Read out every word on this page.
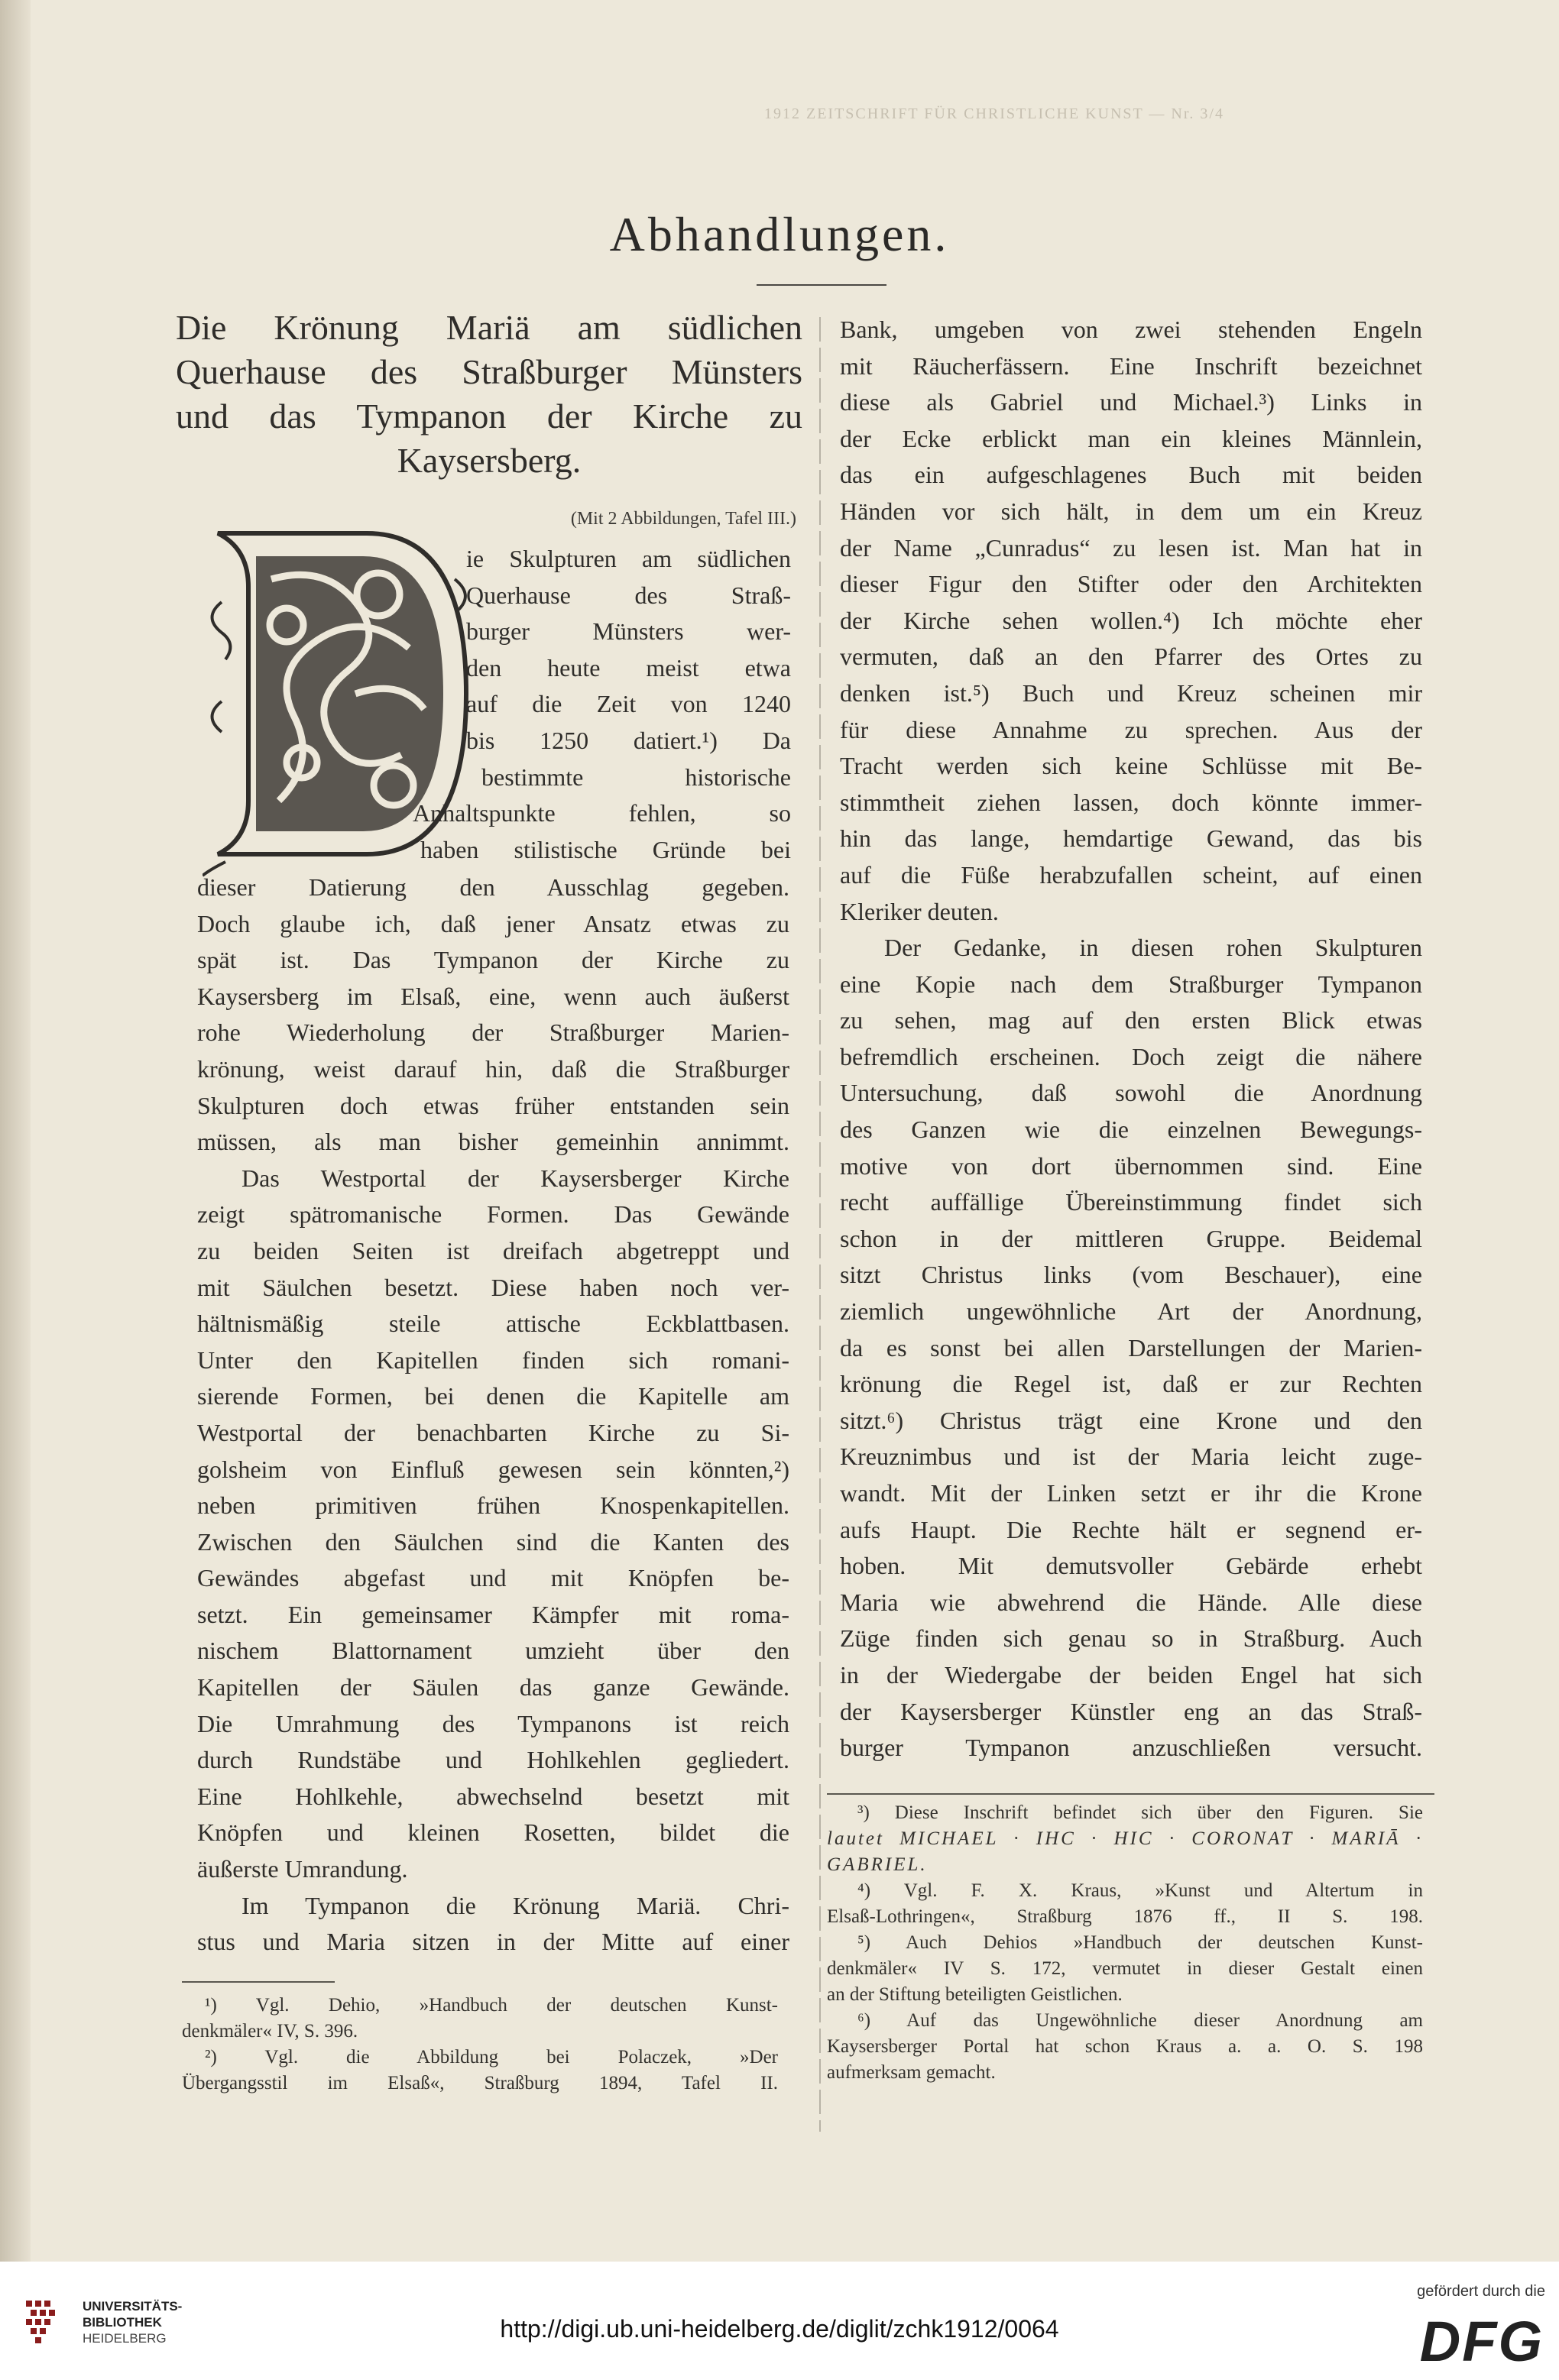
1912 ZEITSCHRIFT FÜR CHRISTLICHE KUNST — Nr. 3/4
Abhandlungen.
Die Krönung Mariä am südlichen
Querhause des Straßburger Münsters
und das Tympanon der Kirche zu
Kaysersberg.
(Mit 2 Abbildungen, Tafel III.)
ie Skulpturen am südlichen
Querhause des Straß-
burger Münsters wer-
den heute meist etwa
auf die Zeit von 1240
bis 1250 datiert.¹) Da
bestimmte historische
Anhaltspunkte fehlen, so
haben stilistische Gründe bei
dieser Datierung den Ausschlag gegeben.
Doch glaube ich, daß jener Ansatz etwas zu
spät ist. Das Tympanon der Kirche zu
Kaysersberg im Elsaß, eine, wenn auch äußerst
rohe Wiederholung der Straßburger Marien-
krönung, weist darauf hin, daß die Straßburger
Skulpturen doch etwas früher entstanden sein
müssen, als man bisher gemeinhin annimmt.
Das Westportal der Kaysersberger Kirche
zeigt spätromanische Formen. Das Gewände
zu beiden Seiten ist dreifach abgetreppt und
mit Säulchen besetzt. Diese haben noch ver-
hältnismäßig steile attische Eckblattbasen.
Unter den Kapitellen finden sich romani-
sierende Formen, bei denen die Kapitelle am
Westportal der benachbarten Kirche zu Si-
golsheim von Einfluß gewesen sein könnten,²)
neben primitiven frühen Knospenkapitellen.
Zwischen den Säulchen sind die Kanten des
Gewändes abgefast und mit Knöpfen be-
setzt. Ein gemeinsamer Kämpfer mit roma-
nischem Blattornament umzieht über den
Kapitellen der Säulen das ganze Gewände.
Die Umrahmung des Tympanons ist reich
durch Rundstäbe und Hohlkehlen gegliedert.
Eine Hohlkehle, abwechselnd besetzt mit
Knöpfen und kleinen Rosetten, bildet die
äußerste Umrandung.
Im Tympanon die Krönung Mariä. Chri-
stus und Maria sitzen in der Mitte auf einer
Bank, umgeben von zwei stehenden Engeln
mit Räucherfässern. Eine Inschrift bezeichnet
diese als Gabriel und Michael.³) Links in
der Ecke erblickt man ein kleines Männlein,
das ein aufgeschlagenes Buch mit beiden
Händen vor sich hält, in dem um ein Kreuz
der Name „Cunradus“ zu lesen ist. Man hat in
dieser Figur den Stifter oder den Architekten
der Kirche sehen wollen.⁴) Ich möchte eher
vermuten, daß an den Pfarrer des Ortes zu
denken ist.⁵) Buch und Kreuz scheinen mir
für diese Annahme zu sprechen. Aus der
Tracht werden sich keine Schlüsse mit Be-
stimmtheit ziehen lassen, doch könnte immer-
hin das lange, hemdartige Gewand, das bis
auf die Füße herabzufallen scheint, auf einen
Kleriker deuten.
Der Gedanke, in diesen rohen Skulpturen
eine Kopie nach dem Straßburger Tympanon
zu sehen, mag auf den ersten Blick etwas
befremdlich erscheinen. Doch zeigt die nähere
Untersuchung, daß sowohl die Anordnung
des Ganzen wie die einzelnen Bewegungs-
motive von dort übernommen sind. Eine
recht auffällige Übereinstimmung findet sich
schon in der mittleren Gruppe. Beidemal
sitzt Christus links (vom Beschauer), eine
ziemlich ungewöhnliche Art der Anordnung,
da es sonst bei allen Darstellungen der Marien-
krönung die Regel ist, daß er zur Rechten
sitzt.⁶) Christus trägt eine Krone und den
Kreuznimbus und ist der Maria leicht zuge-
wandt. Mit der Linken setzt er ihr die Krone
aufs Haupt. Die Rechte hält er segnend er-
hoben. Mit demutsvoller Gebärde erhebt
Maria wie abwehrend die Hände. Alle diese
Züge finden sich genau so in Straßburg. Auch
in der Wiedergabe der beiden Engel hat sich
der Kaysersberger Künstler eng an das Straß-
burger Tympanon anzuschließen versucht.
³) Diese Inschrift befindet sich über den Figuren. Sie
lautet MICHAEL · IHC · HIC · CORONAT · MARIĀ ·
GABRIEL.
⁴) Vgl. F. X. Kraus, »Kunst und Altertum in
Elsaß-Lothringen«, Straßburg 1876 ff., II S. 198.
⁵) Auch Dehios »Handbuch der deutschen Kunst-
denkmäler« IV S. 172, vermutet in dieser Gestalt einen
an der Stiftung beteiligten Geistlichen.
⁶) Auf das Ungewöhnliche dieser Anordnung am
Kaysersberger Portal hat schon Kraus a. a. O. S. 198
aufmerksam gemacht.
¹) Vgl. Dehio, »Handbuch der deutschen Kunst-
denkmäler« IV, S. 396.
²) Vgl. die Abbildung bei Polaczek, »Der
Übergangsstil im Elsaß«, Straßburg 1894, Tafel II.
UNIVERSITÄTS-
BIBLIOTHEK
HEIDELBERG	http://digi.ub.uni-heidelberg.de/diglit/zchk1912/0064
gefördert durch die
DFG
